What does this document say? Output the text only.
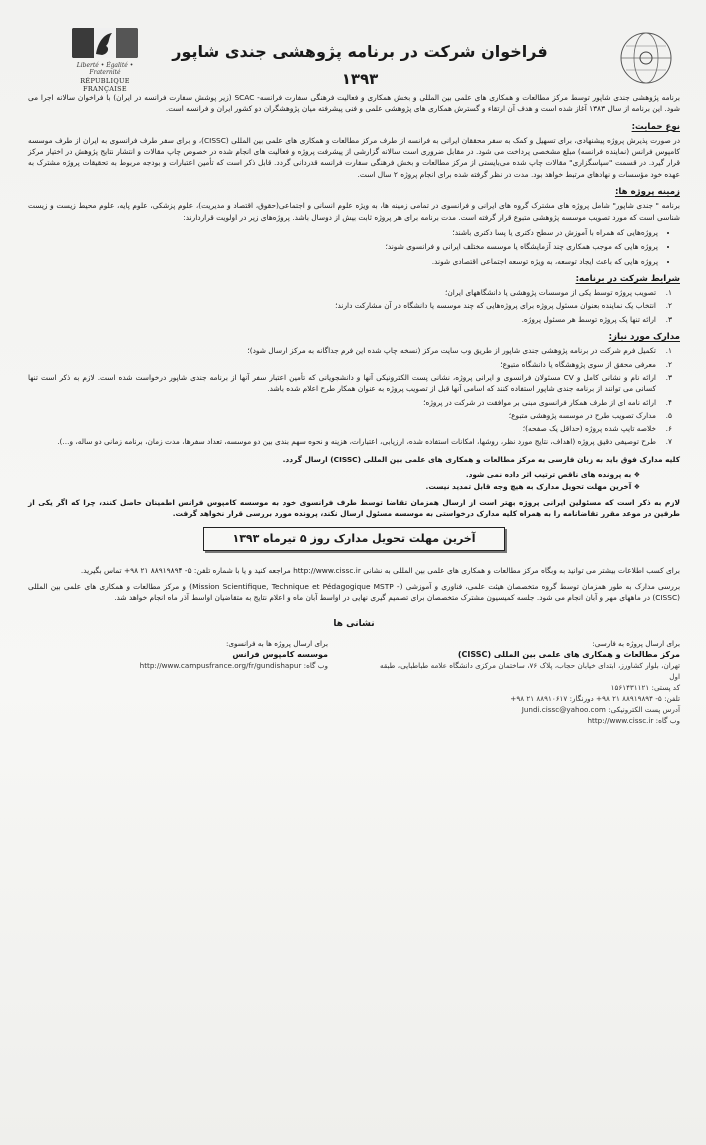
Liberté • Égalité • Fraternité
RÉPUBLIQUE FRANÇAISE
فراخوان شرکت در برنامه پژوهشی جندی شاپور
۱۳۹۳

برنامه پژوهشی جندی شاپور توسط مرکز مطالعات و همکاری های علمی بین المللی و بخش همکاری و فعالیت فرهنگی سفارت فرانسه- SCAC (زیر پوشش سفارت فرانسه در ایران) با فراخوان سالانه اجرا می شود. این برنامه از سال ۱۳۸۳ آغاز شده است و هدف آن ارتقاء و گسترش همکاری های پژوهشی علمی و فنی پیشرفته میان پژوهشگران دو کشور ایران و فرانسه است.

نوع حمایت:

در صورت پذیرش پروژه پیشنهادی، برای تسهیل و کمک به سفر محققان ایرانی به فرانسه از طرف مرکز مطالعات و همکاری های علمی بین المللی (CISSC)، و برای سفر طرف فرانسوی به ایران از طرف موسسه کامپوس فرانس (نماینده فرانسه) مبلغ مشخصی پرداخت می شود. در مقابل ضروری است سالانه گزارشی از پیشرفت پروژه و فعالیت های انجام شده در خصوص چاپ مقالات و انتشار نتایج پژوهش در اختیار مرکز قرار گیرد. در قسمت "سپاسگزاری" مقالات چاپ شده می‌بایستی از مرکز مطالعات و بخش فرهنگی سفارت فرانسه قدردانی گردد. قابل ذکر است که تأمین اعتبارات و بودجه مربوط به تحقیقات پروژه مشترک به عهده خود مؤسسات و نهادهای مرتبط خواهد بود. مدت در نظر گرفته شده برای انجام پروژه ۲ سال است.

زمینه پروژه ها:

برنامه " جندی شاپور" شامل پروژه های مشترک گروه های ایرانی و فرانسوی در تمامی زمینه ها، به ویژه علوم انسانی و اجتماعی(حقوق، اقتصاد و مدیریت)، علوم پزشکی، علوم پایه، علوم محیط زیست و زیست شناسی است که مورد تصویب موسسه پژوهشی متبوع قرار گرفته است. مدت برنامه برای هر پروژه ثابت بیش از دوسال باشد. پروژه‌های زیر در اولویت قراردارند:

• پروژه‌هایی که همراه با آموزش در سطح دکتری یا پسا دکتری باشند؛
• پروژه هایی که موجب همکاری چند آزمایشگاه یا موسسه مختلف ایرانی و فرانسوی شوند؛
• پروژه هایی که باعث ایجاد توسعه، به ویژه توسعه اجتماعی اقتصادی شوند.
شرایط شرکت در برنامه:
۱.
تصویب پروژه توسط یکی از موسسات پژوهشی یا دانشگاههای ایران؛
۲.
انتخاب یک نماینده بعنوان مسئول پروژه برای پروژه‌هایی که چند موسسه یا دانشگاه در آن مشارکت دارند؛
۳.
ارائه تنها یک پروژه توسط هر مسئول پروژه.
مدارک مورد نیاز:
۱.
تکمیل فرم شرکت در برنامه پژوهشی جندی شاپور از طریق وب سایت مرکز (نسخه چاپ شده این فرم جداگانه به مرکز ارسال شود)؛
۲.
معرفی محقق از سوی پژوهشگاه یا دانشگاه متبوع؛
۳.
ارائه نام و نشانی کامل و CV مسئولان فرانسوی و ایرانی پروژه، نشانی پست الکترونیکی آنها و دانشجویانی که تأمین اعتبار سفر آنها از برنامه جندی شاپور درخواست شده است. لازم به ذکر است تنها کسانی می توانند از برنامه جندی شاپور استفاده کنند که اسامی آنها قبل از تصویب پروژه به عنوان همکار طرح اعلام شده باشد.
۴.
ارائه نامه ای از طرف همکار فرانسوی مبنی بر موافقت در شرکت در پروژه؛
۵.
مدارک تصویب طرح در موسسه پژوهشی متبوع؛
۶.
خلاصه تایپ شده پروژه (حداقل یک صفحه)؛
۷.
طرح توصیفی دقیق پروژه (اهداف، نتایج مورد نظر، روشها، امکانات استفاده شده، ارزیابی، اعتبارات، هزینه و نحوه سهم بندی بین دو موسسه، تعداد سفرها، مدت زمان، برنامه زمانی دو ساله، و...).

کلیه مدارک فوق باید به زبان فارسی به مرکز مطالعات و همکاری های علمی بین المللی (CISSC) ارسال گردد.

❖ به پرونده های ناقص ترتیب اثر داده نمی شود.
❖ آخرین مهلت تحویل مدارک به هیچ وجه قابل تمدید نیست.

لازم به ذکر است که مسئولین ایرانی پروژه بهتر است از ارسال همزمان تقاضا توسط طرف فرانسوی خود به موسسه کامپوس فرانس اطمینان حاصل کنند، چرا که اگر یکی از طرفین در موعد مقرر تقاضانامه را به همراه کلیه مدارک درخواستی به موسسه مسئول ارسال نکند، پرونده مورد بررسی قرار نخواهد گرفت.

آخرین مهلت تحویل مدارک روز ۵ تیرماه ۱۳۹۳

برای کسب اطلاعات بیشتر می توانید به وبگاه مرکز مطالعات و همکاری های علمی بین المللی به نشانی http://www.cissc.ir مراجعه کنید و یا با شماره تلفن: ۵- ۸۸۹۱۹۸۹۴ ۲۱ ۹۸+ تماس بگیرید.

بررسی مدارک به طور همزمان توسط گروه متخصصان هیئت علمی، فناوری و آموزشی (- Mission Scientifique, Technique et Pédagogique MSTP) و مرکز مطالعات و همکاری های علمی بین المللی (CISSC) در ماههای مهر و آبان انجام می شود. جلسه کمیسیون مشترک متخصصان برای تصمیم گیری نهایی در اواسط آبان ماه و اعلام نتایج به متقاضیان اواسط آذر ماه انجام خواهد شد.

نشانی ها
برای ارسال پروژه به فارسی:
مرکز مطالعات و همکاری های علمی بین المللی (CISSC)
تهران، بلوار کشاورز، ابتدای خیابان حجاب، پلاک ۷۶، ساختمان مرکزی دانشگاه علامه طباطبایی، طبقه اول
کد پستی: ۱۵۶۱۴۳۱۱۲۱
تلفن: ۵- ۸۸۹۱۹۸۹۴ ۲۱ ۹۸+ دورنگار: ۸۸۹۱۰۶۱۷ ۲۱ ۹۸+
آدرس پست الکترونیکی: Jundi.cissc@yahoo.com
وب گاه: http://www.cissc.ir
برای ارسال پروژه ها به فرانسوی:
موسسه کامپوس فرانس
وب گاه: http://www.campusfrance.org/fr/gundishapur
